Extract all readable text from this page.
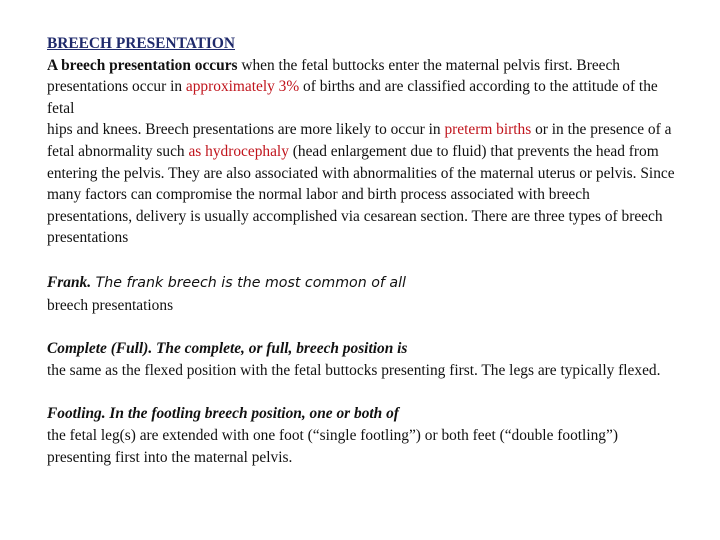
BREECH PRESENTATION
A breech presentation occurs when the fetal buttocks enter the maternal pelvis first. Breech presentations occur in approximately 3% of births and are classified according to the attitude of the fetal
hips and knees. Breech presentations are more likely to occur in preterm births or in the presence of a fetal abnormality such as hydrocephaly (head enlargement due to fluid) that prevents the head from entering the pelvis. They are also associated with abnormalities of the maternal uterus or pelvis. Since many factors can compromise the normal labor and birth process associated with breech presentations, delivery is usually accomplished via cesarean section. There are three types of breech presentations
Frank. The frank breech is the most common of all
breech presentations
Complete (Full). The complete, or full, breech position is
the same as the flexed position with the fetal buttocks presenting first. The legs are typically flexed.
Footling. In the footling breech position, one or both of
the fetal leg(s) are extended with one foot (“single footling”) or both feet (“double footling”) presenting first into the maternal pelvis.
